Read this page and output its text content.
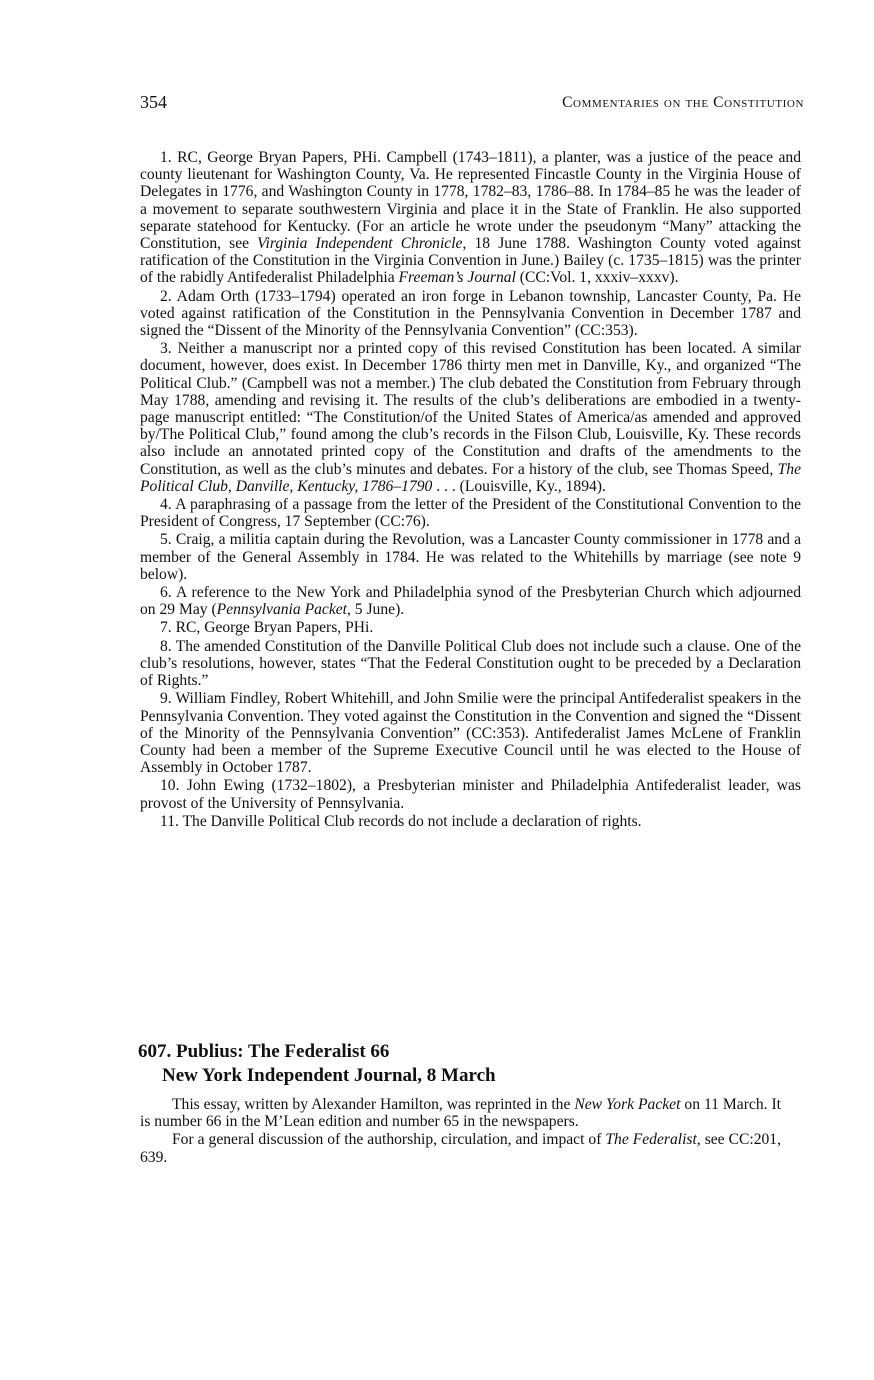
354	Commentaries on the Constitution

1. RC, George Bryan Papers, PHi. Campbell (1743–1811), a planter, was a justice of the peace and county lieutenant for Washington County, Va. He represented Fincastle County in the Virginia House of Delegates in 1776, and Washington County in 1778, 1782–83, 1786–88. In 1784–85 he was the leader of a movement to separate southwestern Virginia and place it in the State of Franklin. He also supported separate statehood for Kentucky. (For an article he wrote under the pseudonym “Many” attacking the Constitution, see Virginia Independent Chronicle, 18 June 1788. Washington County voted against ratification of the Constitution in the Virginia Convention in June.) Bailey (c. 1735–1815) was the printer of the rabidly Antifederalist Philadelphia Freeman’s Journal (CC:Vol. 1, xxxiv–xxxv).

2. Adam Orth (1733–1794) operated an iron forge in Lebanon township, Lancaster County, Pa. He voted against ratification of the Constitution in the Pennsylvania Convention in December 1787 and signed the “Dissent of the Minority of the Pennsylvania Convention” (CC:353).

3. Neither a manuscript nor a printed copy of this revised Constitution has been located. A similar document, however, does exist. In December 1786 thirty men met in Danville, Ky., and organized “The Political Club.” (Campbell was not a member.) The club debated the Constitution from February through May 1788, amending and revising it. The results of the club’s deliberations are embodied in a twenty-page manuscript entitled: “The Constitution/of the United States of America/as amended and approved by/The Political Club,” found among the club’s records in the Filson Club, Louisville, Ky. These records also include an annotated printed copy of the Constitution and drafts of the amendments to the Constitution, as well as the club’s minutes and debates. For a history of the club, see Thomas Speed, The Political Club, Danville, Kentucky, 1786–1790 . . . (Louisville, Ky., 1894).

4. A paraphrasing of a passage from the letter of the President of the Constitutional Convention to the President of Congress, 17 September (CC:76).

5. Craig, a militia captain during the Revolution, was a Lancaster County commissioner in 1778 and a member of the General Assembly in 1784. He was related to the Whitehills by marriage (see note 9 below).

6. A reference to the New York and Philadelphia synod of the Presbyterian Church which adjourned on 29 May (Pennsylvania Packet, 5 June).

7. RC, George Bryan Papers, PHi.

8. The amended Constitution of the Danville Political Club does not include such a clause. One of the club’s resolutions, however, states “That the Federal Constitution ought to be preceded by a Declaration of Rights.”

9. William Findley, Robert Whitehill, and John Smilie were the principal Antifederalist speakers in the Pennsylvania Convention. They voted against the Constitution in the Convention and signed the “Dissent of the Minority of the Pennsylvania Convention” (CC:353). Antifederalist James McLene of Franklin County had been a member of the Supreme Executive Council until he was elected to the House of Assembly in October 1787.

10. John Ewing (1732–1802), a Presbyterian minister and Philadelphia Antifederalist leader, was provost of the University of Pennsylvania.

11. The Danville Political Club records do not include a declaration of rights.

607. Publius: The Federalist 66
New York Independent Journal, 8 March

This essay, written by Alexander Hamilton, was reprinted in the New York Packet on 11 March. It is number 66 in the M’Lean edition and number 65 in the newspapers.

For a general discussion of the authorship, circulation, and impact of The Federalist, see CC:201, 639.
